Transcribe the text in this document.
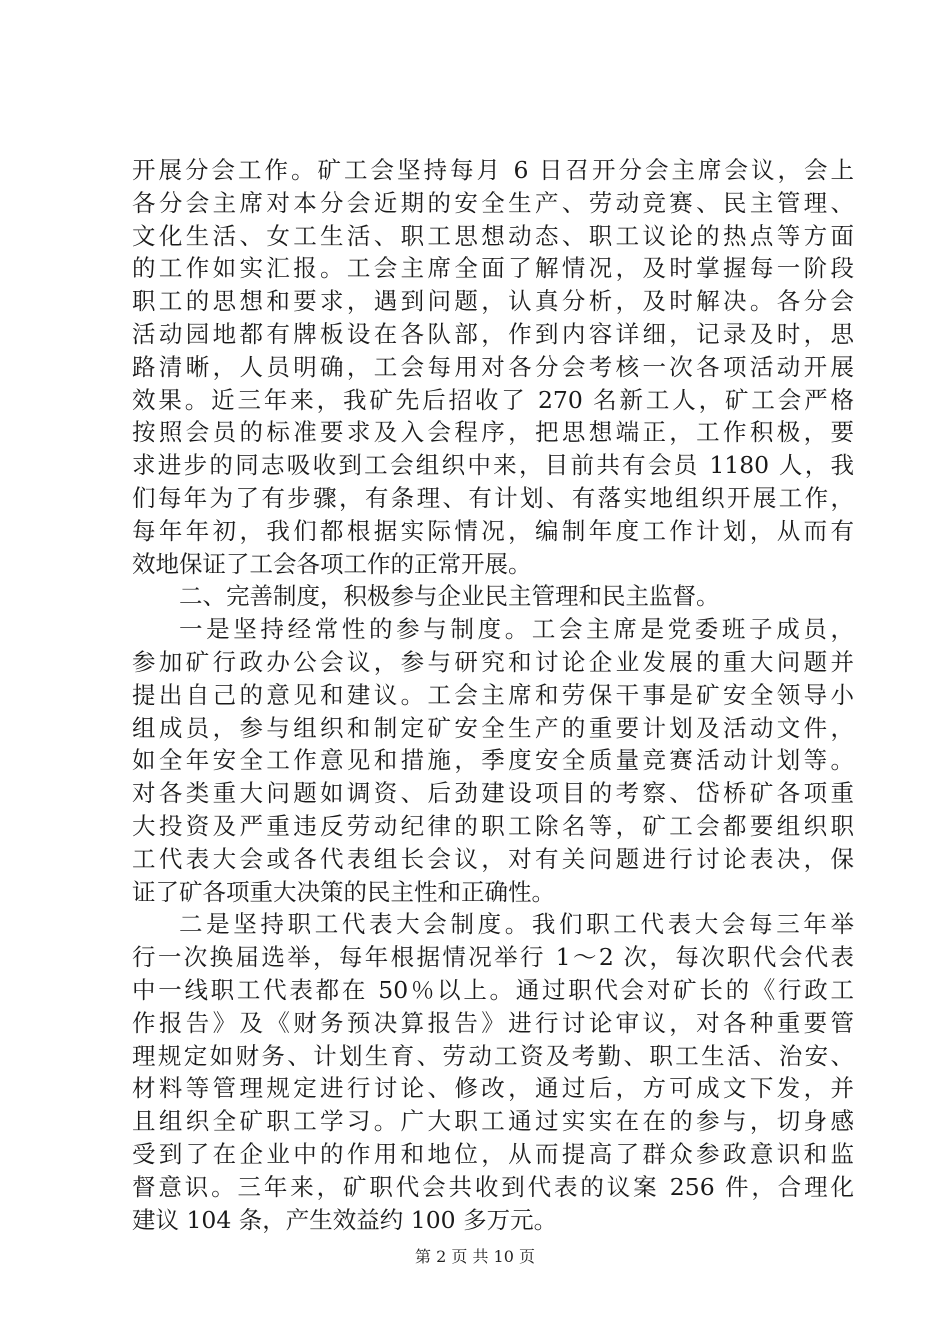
开展分会工作。矿工会坚持每月 6 日召开分会主席会议，会上
各分会主席对本分会近期的安全生产、劳动竞赛、民主管理、
文化生活、女工生活、职工思想动态、职工议论的热点等方面
的工作如实汇报。工会主席全面了解情况，及时掌握每一阶段
职工的思想和要求，遇到问题，认真分析，及时解决。各分会
活动园地都有牌板设在各队部，作到内容详细，记录及时，思
路清晰，人员明确，工会每用对各分会考核一次各项活动开展
效果。近三年来，我矿先后招收了 270 名新工人，矿工会严格
按照会员的标准要求及入会程序，把思想端正，工作积极，要
求进步的同志吸收到工会组织中来，目前共有会员 1180 人，我
们每年为了有步骤，有条理、有计划、有落实地组织开展工作，
每年年初，我们都根据实际情况，编制年度工作计划，从而有
效地保证了工会各项工作的正常开展。
二、完善制度，积极参与企业民主管理和民主监督。
一是坚持经常性的参与制度。工会主席是党委班子成员，
参加矿行政办公会议，参与研究和讨论企业发展的重大问题并
提出自己的意见和建议。工会主席和劳保干事是矿安全领导小
组成员，参与组织和制定矿安全生产的重要计划及活动文件，
如全年安全工作意见和措施，季度安全质量竞赛活动计划等。
对各类重大问题如调资、后劲建设项目的考察、岱桥矿各项重
大投资及严重违反劳动纪律的职工除名等，矿工会都要组织职
工代表大会或各代表组长会议，对有关问题进行讨论表决，保
证了矿各项重大决策的民主性和正确性。
二是坚持职工代表大会制度。我们职工代表大会每三年举
行一次换届选举，每年根据情况举行 1～2 次，每次职代会代表
中一线职工代表都在 50％以上。通过职代会对矿长的《行政工
作报告》及《财务预决算报告》进行讨论审议，对各种重要管
理规定如财务、计划生育、劳动工资及考勤、职工生活、治安、
材料等管理规定进行讨论、修改，通过后，方可成文下发，并
且组织全矿职工学习。广大职工通过实实在在的参与，切身感
受到了在企业中的作用和地位，从而提高了群众参政意识和监
督意识。三年来，矿职代会共收到代表的议案 256 件，合理化
建议 104 条，产生效益约 100 多万元。
第 2 页 共 10 页
